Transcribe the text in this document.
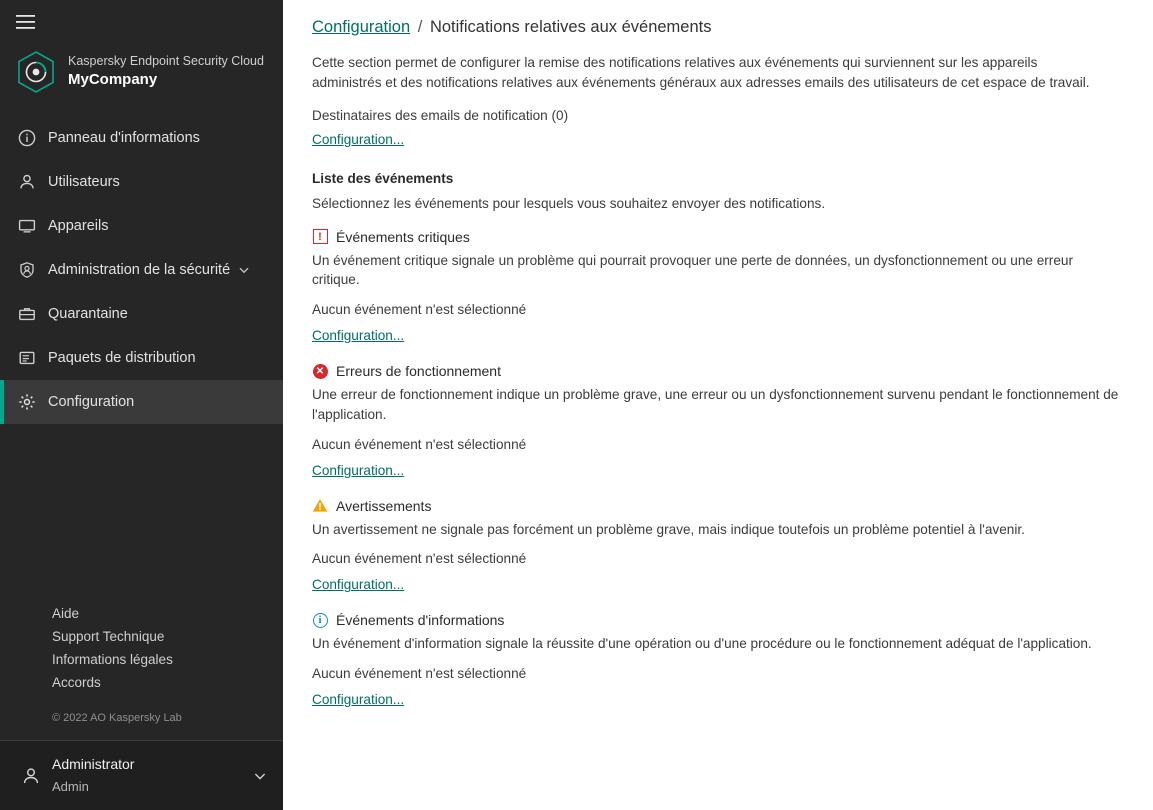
Kaspersky Endpoint Security Cloud
MyCompany
Panneau d'informations
Utilisateurs
Appareils
Administration de la sécurité
Quarantaine
Paquets de distribution
Configuration
Aide
Support Technique
Informations légales
Accords
© 2022 AO Kaspersky Lab
Administrator
Admin
Configuration / Notifications relatives aux événements
Cette section permet de configurer la remise des notifications relatives aux événements qui surviennent sur les appareils administrés et des notifications relatives aux événements généraux aux adresses emails des utilisateurs de cet espace de travail.
Destinataires des emails de notification (0)
Configuration...
Liste des événements
Sélectionnez les événements pour lesquels vous souhaitez envoyer des notifications.
!	Événements critiques
Un événement critique signale un problème qui pourrait provoquer une perte de données, un dysfonctionnement ou une erreur critique.
Aucun événement n'est sélectionné
Configuration...
✕ Erreurs de fonctionnement
Une erreur de fonctionnement indique un problème grave, une erreur ou un dysfonctionnement survenu pendant le fonctionnement de l'application.
Aucun événement n'est sélectionné
Configuration...
Avertissements
Un avertissement ne signale pas forcément un problème grave, mais indique toutefois un problème potentiel à l'avenir.
Aucun événement n'est sélectionné
Configuration...
i	Événements d'informations
Un événement d'information signale la réussite d'une opération ou d'une procédure ou le fonctionnement adéquat de l'application.
Aucun événement n'est sélectionné
Configuration...
